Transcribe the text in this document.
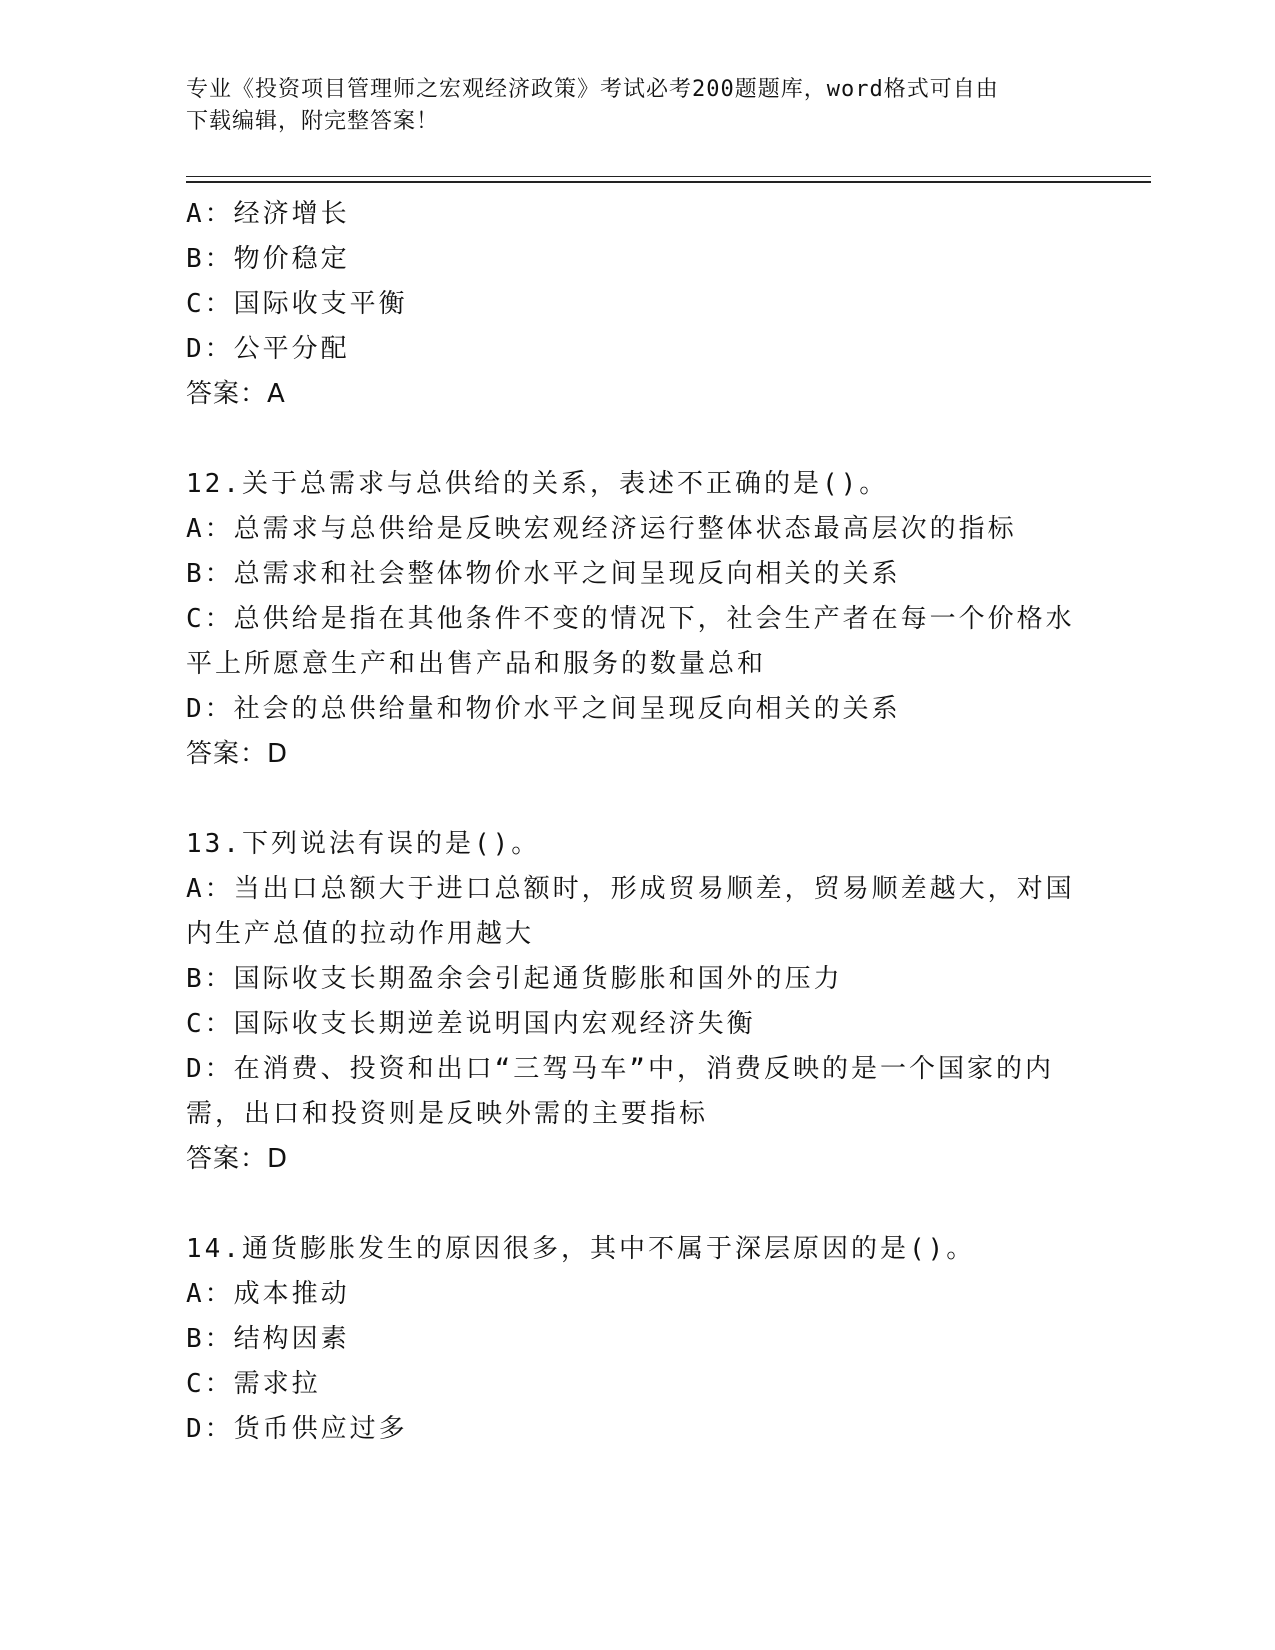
专业《投资项目管理师之宏观经济政策》考试必考200题题库，word格式可自由
下载编辑，附完整答案！

A：经济增长

B：物价稳定

C：国际收支平衡

D：公平分配

答案：A

12.关于总需求与总供给的关系，表述不正确的是()。

A：总需求与总供给是反映宏观经济运行整体状态最高层次的指标

B：总需求和社会整体物价水平之间呈现反向相关的关系

C：总供给是指在其他条件不变的情况下，社会生产者在每一个价格水

平上所愿意生产和出售产品和服务的数量总和

D：社会的总供给量和物价水平之间呈现反向相关的关系

答案：D

13.下列说法有误的是()。

A：当出口总额大于进口总额时，形成贸易顺差，贸易顺差越大，对国

内生产总值的拉动作用越大

B：国际收支长期盈余会引起通货膨胀和国外的压力

C：国际收支长期逆差说明国内宏观经济失衡

D：在消费、投资和出口“三驾马车”中，消费反映的是一个国家的内

需，出口和投资则是反映外需的主要指标

答案：D

14.通货膨胀发生的原因很多，其中不属于深层原因的是()。

A：成本推动

B：结构因素

C：需求拉

D：货币供应过多
